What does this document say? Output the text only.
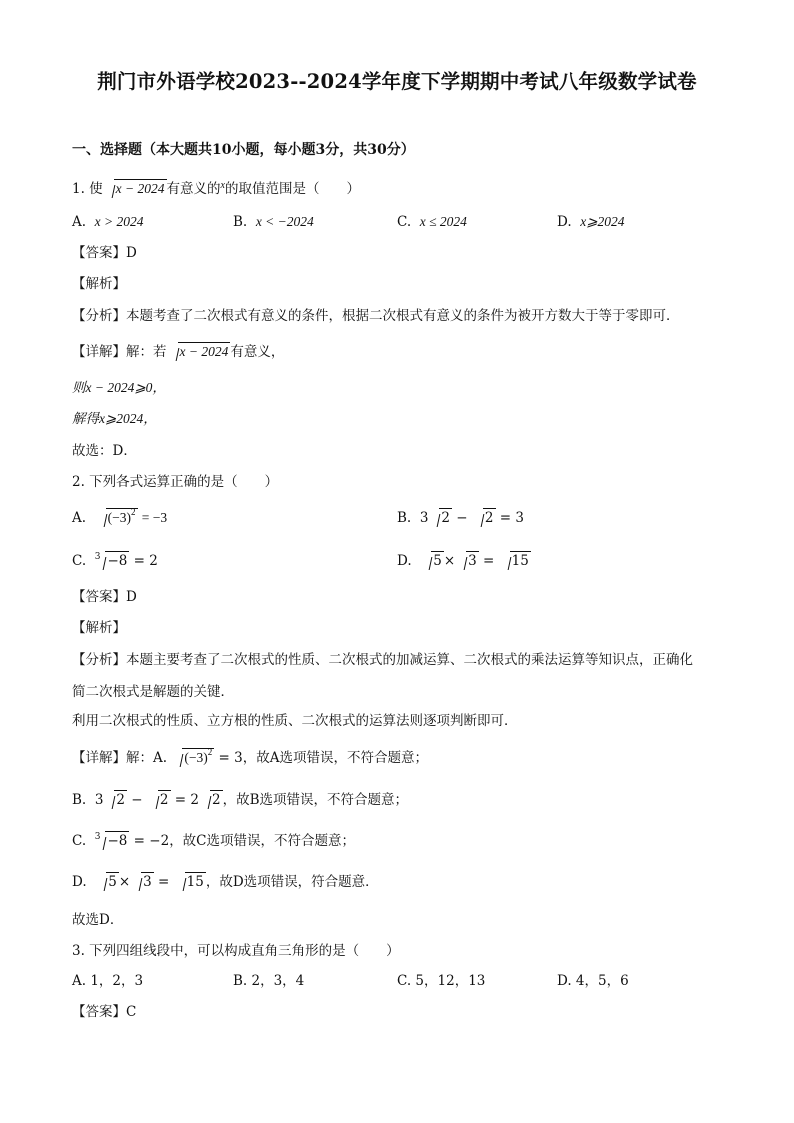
荆门市外语学校2023--2024学年度下学期期中考试八年级数学试卷
一、选择题（本大题共10小题，每小题3分，共30分）
1. 使 x − 2024 有意义的$^x$的取值范围是（　　）
A. x > 2024	B. x < −2024	C. x ≤ 2024	D. x⩾2024
【答案】D
【解析】
【分析】本题考查了二次根式有意义的条件，根据二次根式有意义的条件为被开方数大于等于零即可．
【详解】解：若 x − 2024 有意义，
则x − 2024⩾0，
解得x⩾2024，
故选：D．
2. 下列各式运算正确的是（　　）
A. $(-3)^2 = -3$	B. 3 2 − 2 = 3
C. $^3$ −8 = 2	D. 5 × 3 = 15
【答案】D
【解析】
【分析】本题主要考查了二次根式的性质、二次根式的加减运算、二次根式的乘法运算等知识点，正确化
简二次根式是解题的关键．
利用二次根式的性质、立方根的性质、二次根式的运算法则逐项判断即可．
【详解】解：A. $(-3)^2 = 3$，故A选项错误，不符合题意；
B. 3 2 − 2 = 2 2 ，故B选项错误，不符合题意；
C. $^3$ −8 = −2，故C选项错误，不符合题意；
D. 5 × 3 = 15 ，故D选项错误，符合题意．
故选D．
3. 下列四组线段中，可以构成直角三角形的是（　　）
A. 1，2，3	B. 2，3，4	C. 5，12，13	D. 4，5，6
【答案】C
